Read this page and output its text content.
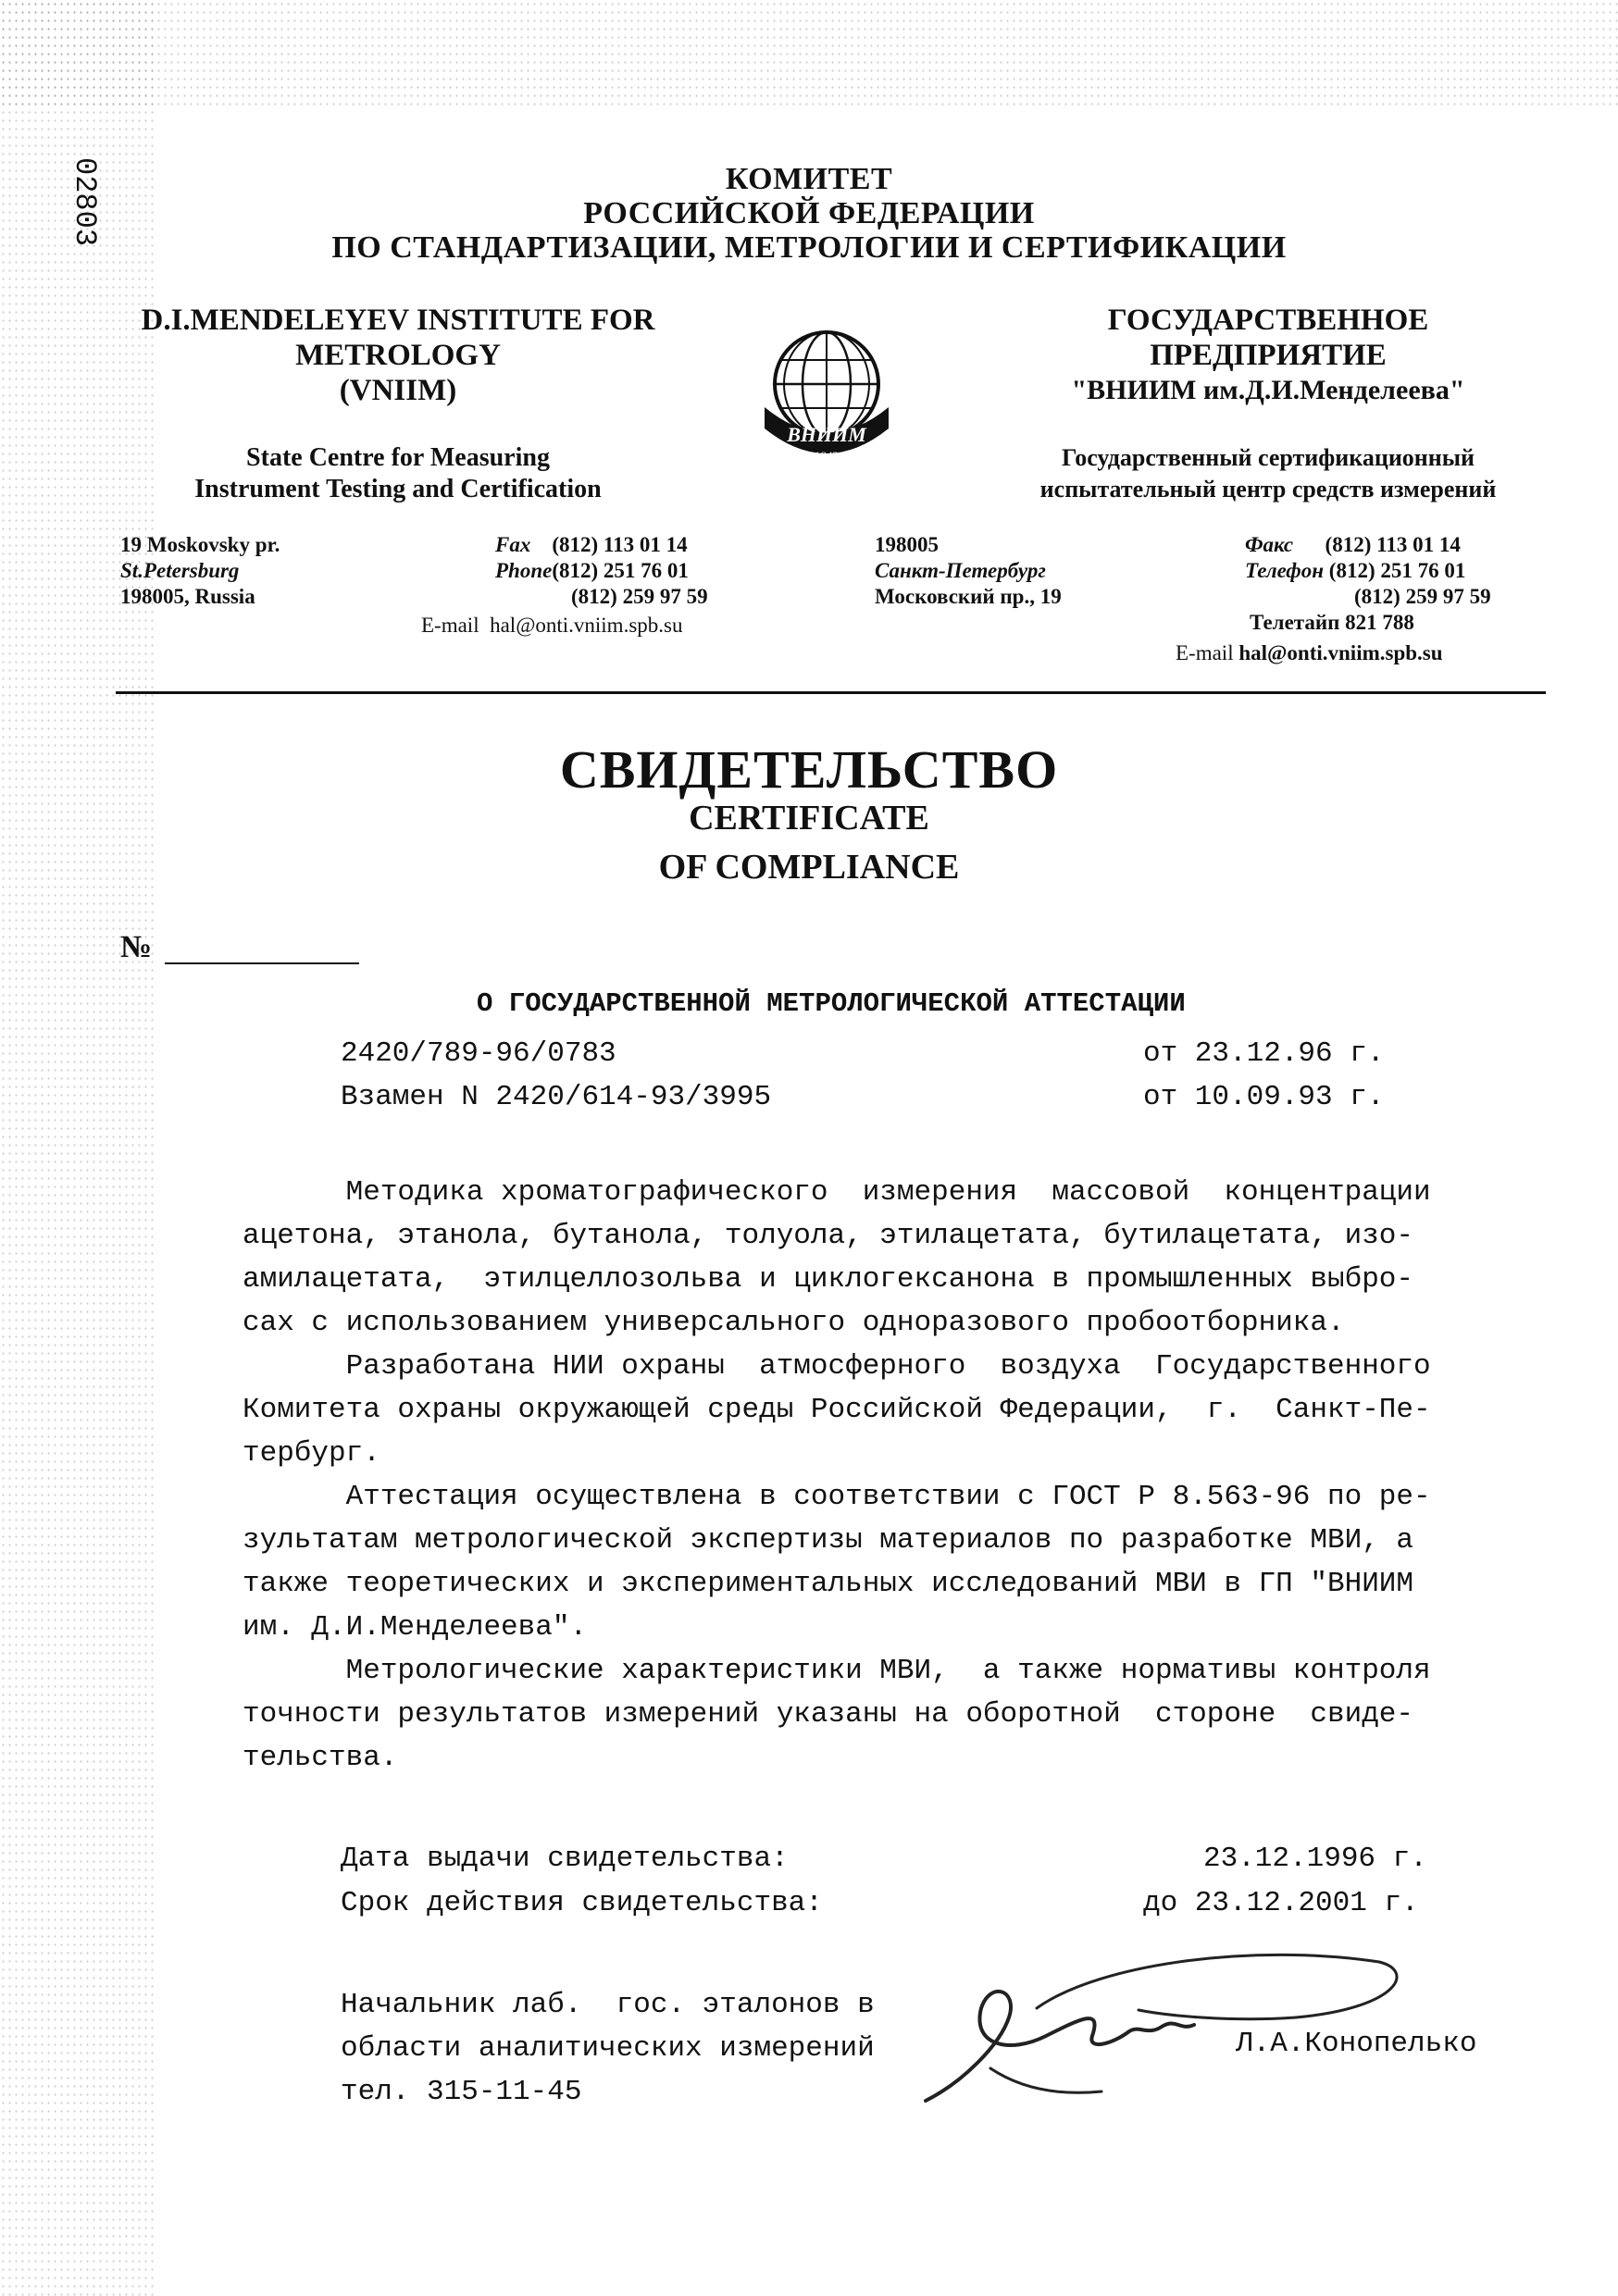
02803	КОМИТЕТ
РОССИЙСКОЙ ФЕДЕРАЦИИ
ПО СТАНДАРТИЗАЦИИ, МЕТРОЛОГИИ И СЕРТИФИКАЦИИ
D.I.MENDELEYEV INSTITUTE FOR
METROLOGY
(VNIIM)
State Centre for Measuring
Instrument Testing and Certification
ВНИИМ
1842
ГОСУДАРСТВЕННОЕ
ПРЕДПРИЯТИЕ
"ВНИИМ им.Д.И.Менделеева"
Государственный сертификационный
испытательный центр средств измерений
19 Moskovsky pr.
St.Petersburg
198005, Russia
Fax (812) 113 01 14
Phone(812) 251 76 01
(812) 259 97 59
E-mail hal@onti.vniim.spb.su
198005
Санкт-Петербург
Московский пр., 19
Факс (812) 113 01 14
Телефон (812) 251 76 01
(812) 259 97 59
Телетайп 821 788
E-mail hal@onti.vniim.spb.su
СВИДЕТЕЛЬСТВО
CERTIFICATE
OF COMPLIANCE
№
О ГОСУДАРСТВЕННОЙ МЕТРОЛОГИЧЕСКОЙ АТТЕСТАЦИИ
2420/789-96/0783	от 23.12.96 г.
Взамен N 2420/614-93/3995	от 10.09.93 г.
Методика хроматографического  измерения  массовой  концентрации
ацетона, этанола, бутанола, толуола, этилацетата, бутилацетата, изо-
амилацетата,  этилцеллозольва и циклогексанона в промышленных выбро-
сах с использованием универсального одноразового пробоотборника.
Разработана НИИ охраны  атмосферного  воздуха  Государственного
Комитета охраны окружающей среды Российской Федерации,  г.  Санкт-Пе-
тербург.
Аттестация осуществлена в соответствии с ГОСТ Р 8.563-96 по ре-
зультатам метрологической экспертизы материалов по разработке МВИ, а
также теоретических и экспериментальных исследований МВИ в ГП "ВНИИМ
им. Д.И.Менделеева".
Метрологические характеристики МВИ,  а также нормативы контроля
точности результатов измерений указаны на оборотной  стороне  свиде-
тельства.
Дата выдачи свидетельства:	23.12.1996 г.
Срок действия свидетельства:	до 23.12.2001 г.
Начальник лаб.  гос. эталонов в
области аналитических измерений
тел. 315-11-45
Л.А.Конопелько
